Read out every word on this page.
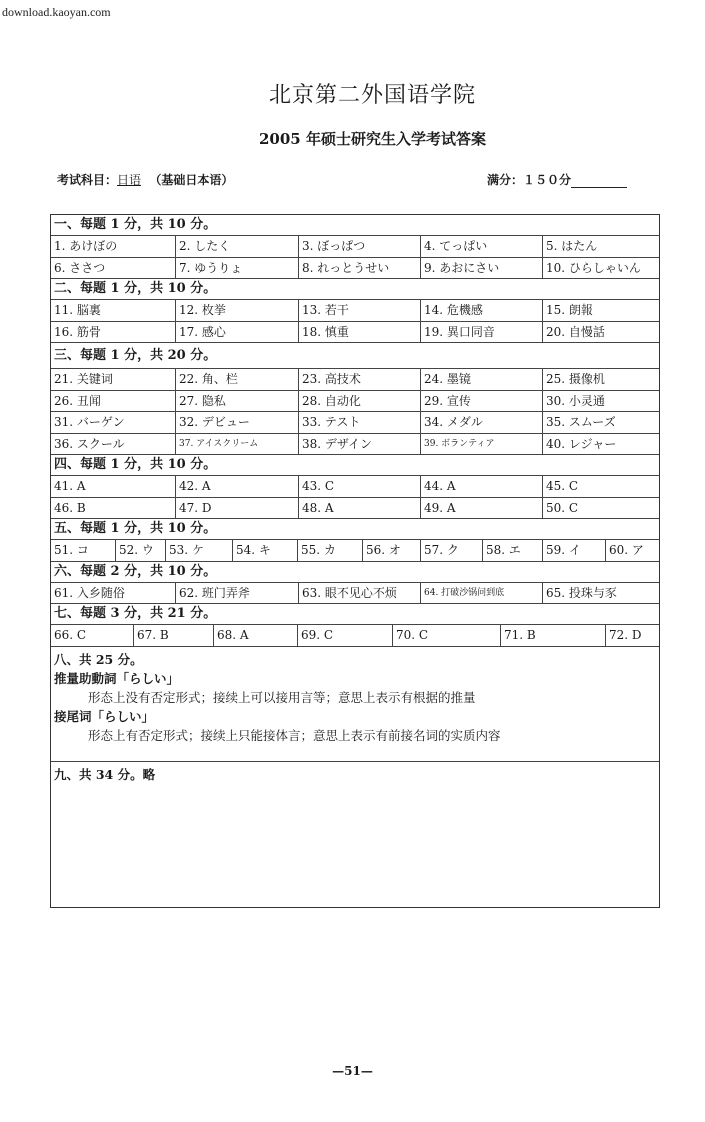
download.kaoyan.com
北京第二外国语学院
2005 年硕士研究生入学考试答案
考试科目：日语 （基础日本语）	满分：１５０分
一、每题 1 分，共 10 分。
1. あけぼの	2. したく	3. ぼっぱつ	4. てっぱい	5. はたん
6. ささつ	7. ゆうりょ	8. れっとうせい	9. あおにさい	10. ひらしゃいん
二、每题 1 分，共 10 分。
11. 脳裏	12. 枚挙	13. 若干	14. 危機感	15. 朗報
16. 筋骨	17. 感心	18. 慎重	19. 異口同音	20. 自慢話
三、每题 1 分，共 20 分。
21. 关键词	22. 角、栏	23. 高技术	24. 墨镜	25. 摄像机
26. 丑闻	27. 隐私	28. 自动化	29. 宣传	30. 小灵通
31. バーゲン	32. デビュー	33. テスト	34. メダル	35. スムーズ
36. スクール	37. アイスクリーム	38. デザイン	39. ボランティア	40. レジャー
四、每题 1 分，共 10 分。
41. A	42. A	43. C	44. A	45. C
46. B	47. D	48. A	49. A	50. C
五、每题 1 分，共 10 分。
51. コ	52. ウ	53. ケ	54. キ	55. カ	56. オ	57. ク	58. エ	59. イ	60. ア
六、每题 2 分，共 10 分。
61. 入乡随俗	62. 班门弄斧	63. 眼不见心不烦	64. 打破沙锅问到底	65. 投珠与豕
七、每题 3 分，共 21 分。
66. C	67. B	68. A	69. C	70. C	71. B	72. D
八、共 25 分。
推量助動詞「らしい」
形态上没有否定形式；接续上可以接用言等；意思上表示有根据的推量
接尾词「らしい」
形态上有否定形式；接续上只能接体言；意思上表示有前接名词的实质内容
九、共 34 分。略
—51—
